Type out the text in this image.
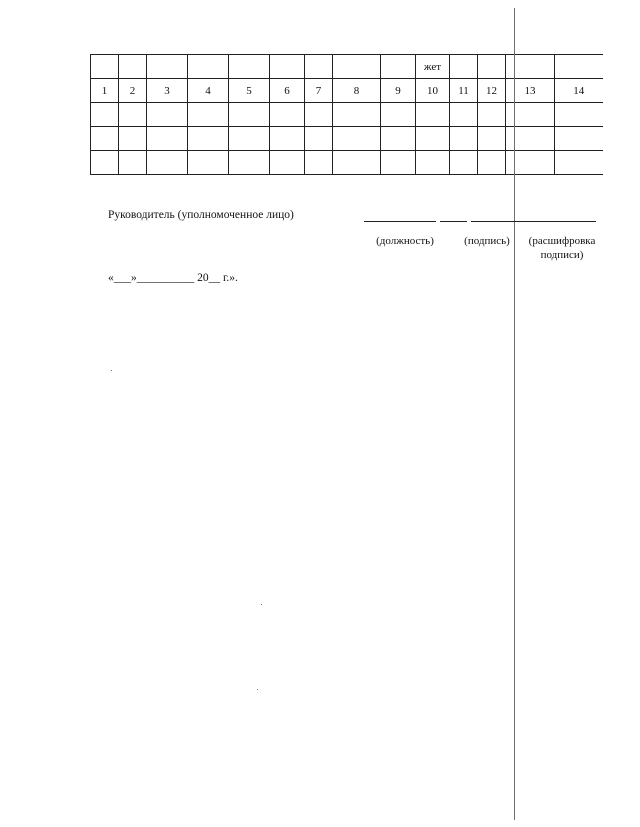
									жет				
1	2	3	4	5	6	7	8	9	10	11	12	13	14

Руководитель (уполномоченное лицо)
(должность)	(подпись)	(расшифровка
подписи)
«___»__________ 20__ г.».
